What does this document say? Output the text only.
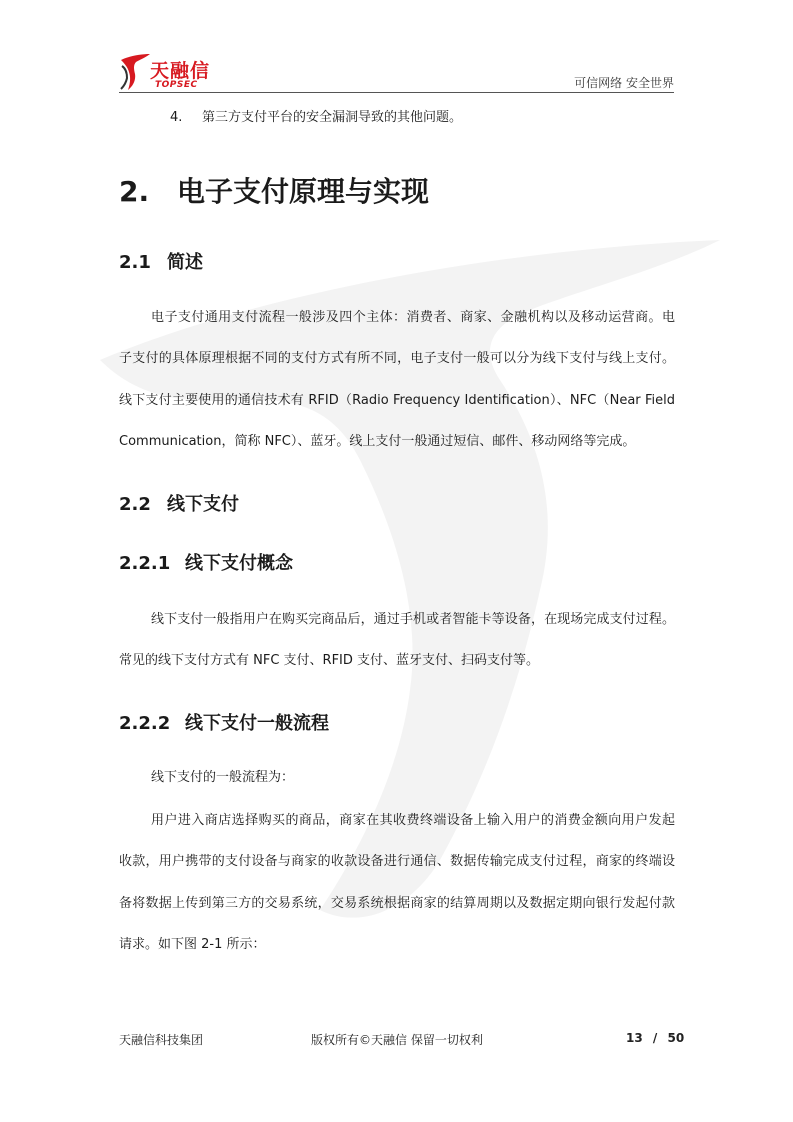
天融信
TOPSEC	可信网络 安全世界
4. 第三方支付平台的安全漏洞导致的其他问题。
2. 电子支付原理与实现
2.1 简述
电子支付通用支付流程一般涉及四个主体：消费者、商家、金融机构以及移动运营商。电
子支付的具体原理根据不同的支付方式有所不同，电子支付一般可以分为线下支付与线上支付。
线下支付主要使用的通信技术有 RFID（Radio Frequency Identification）、NFC（Near Field
Communication，简称 NFC）、蓝牙。线上支付一般通过短信、邮件、移动网络等完成。
2.2 线下支付
2.2.1 线下支付概念
线下支付一般指用户在购买完商品后，通过手机或者智能卡等设备，在现场完成支付过程。
常见的线下支付方式有 NFC 支付、RFID 支付、蓝牙支付、扫码支付等。
2.2.2 线下支付一般流程
线下支付的一般流程为：
用户进入商店选择购买的商品，商家在其收费终端设备上输入用户的消费金额向用户发起
收款，用户携带的支付设备与商家的收款设备进行通信、数据传输完成支付过程，商家的终端设
备将数据上传到第三方的交易系统，交易系统根据商家的结算周期以及数据定期向银行发起付款
请求。如下图 2-1 所示：
天融信科技集团	版权所有©天融信 保留一切权利	13 / 50
